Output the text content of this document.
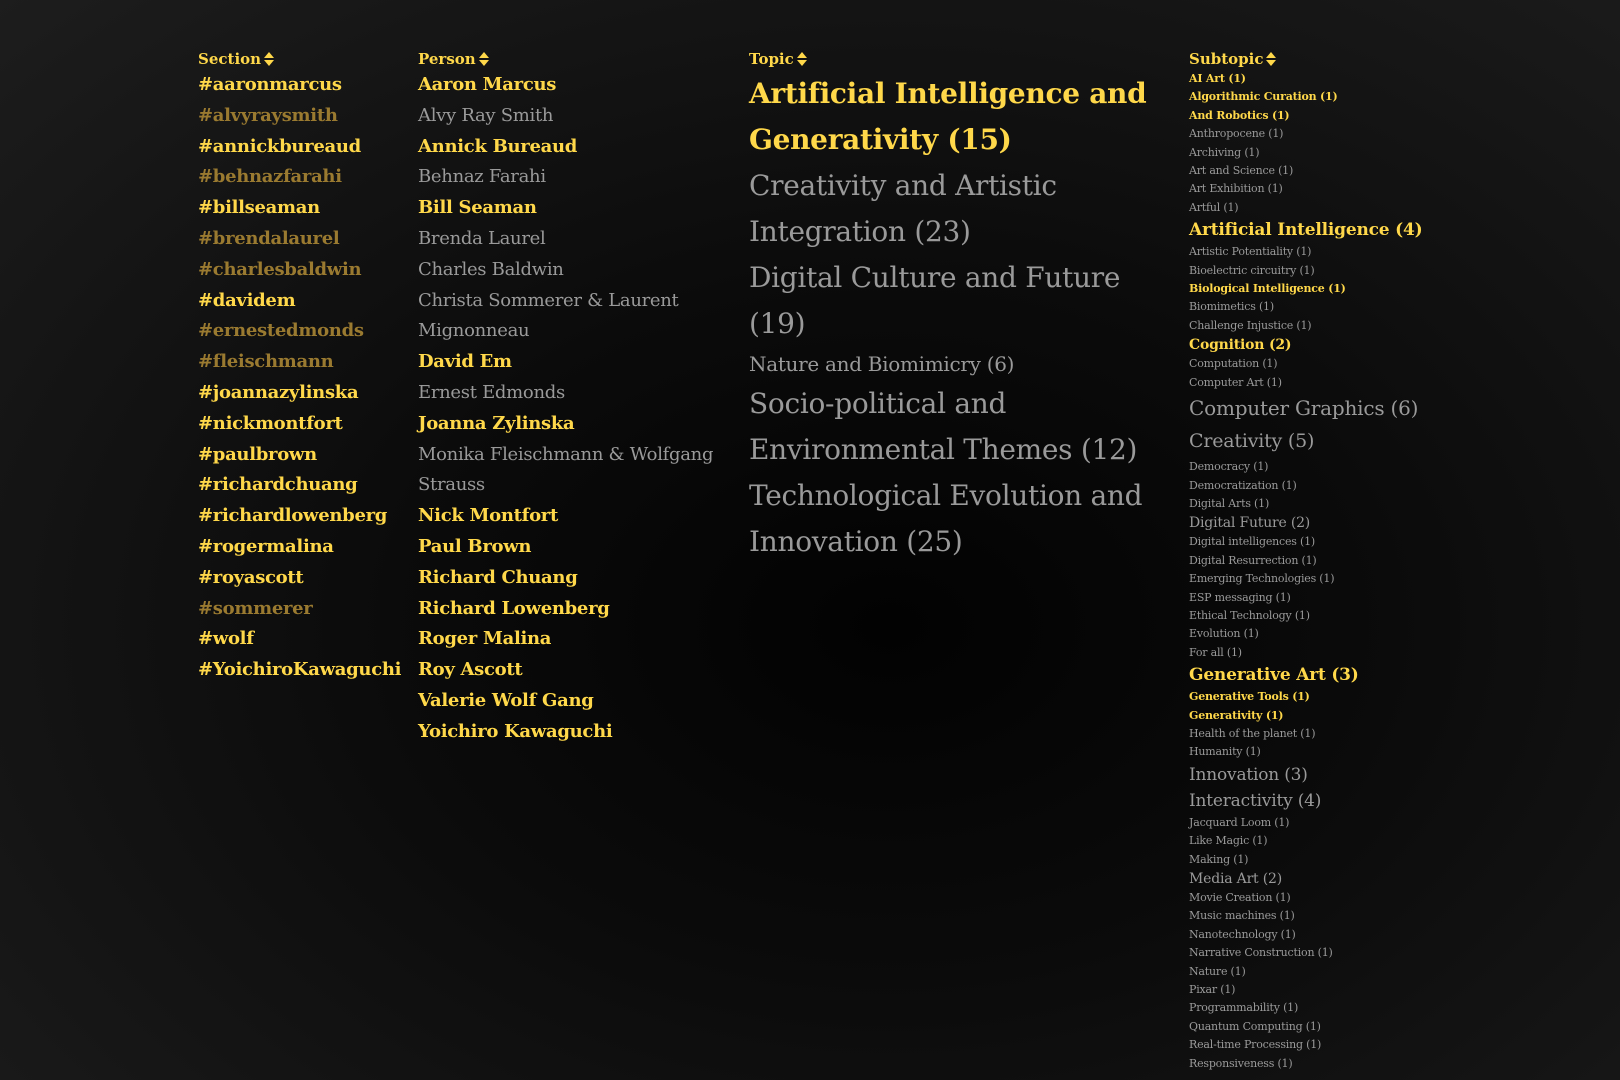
Section
#aaronmarcus
#alvyraysmith
#annickbureaud
#behnazfarahi
#billseaman
#brendalaurel
#charlesbaldwin
#davidem
#ernestedmonds
#fleischmann
#joannazylinska
#nickmontfort
#paulbrown
#richardchuang
#richardlowenberg
#rogermalina
#royascott
#sommerer
#wolf
#YoichiroKawaguchi
Person
Aaron Marcus
Alvy Ray Smith
Annick Bureaud
Behnaz Farahi
Bill Seaman
Brenda Laurel
Charles Baldwin
Christa Sommerer & Laurent Mignonneau
David Em
Ernest Edmonds
Joanna Zylinska
Monika Fleischmann & Wolfgang Strauss
Nick Montfort
Paul Brown
Richard Chuang
Richard Lowenberg
Roger Malina
Roy Ascott
Valerie Wolf Gang
Yoichiro Kawaguchi
Topic
Artificial Intelligence and Generativity (15)
Creativity and Artistic Integration (23)
Digital Culture and Future (19)
Nature and Biomimicry (6)
Socio-political and Environmental Themes (12)
Technological Evolution and Innovation (25)
Subtopic
AI Art (1)
Algorithmic Curation (1)
And Robotics (1)
Anthropocene (1)
Archiving (1)
Art and Science (1)
Art Exhibition (1)
Artful (1)
Artificial Intelligence (4)
Artistic Potentiality (1)
Bioelectric circuitry (1)
Biological Intelligence (1)
Biomimetics (1)
Challenge Injustice (1)
Cognition (2)
Computation (1)
Computer Art (1)
Computer Graphics (6)
Creativity (5)
Democracy (1)
Democratization (1)
Digital Arts (1)
Digital Future (2)
Digital intelligences (1)
Digital Resurrection (1)
Emerging Technologies (1)
ESP messaging (1)
Ethical Technology (1)
Evolution (1)
For all (1)
Generative Art (3)
Generative Tools (1)
Generativity (1)
Health of the planet (1)
Humanity (1)
Innovation (3)
Interactivity (4)
Jacquard Loom (1)
Like Magic (1)
Making (1)
Media Art (2)
Movie Creation (1)
Music machines (1)
Nanotechnology (1)
Narrative Construction (1)
Nature (1)
Pixar (1)
Programmability (1)
Quantum Computing (1)
Real-time Processing (1)
Responsiveness (1)
